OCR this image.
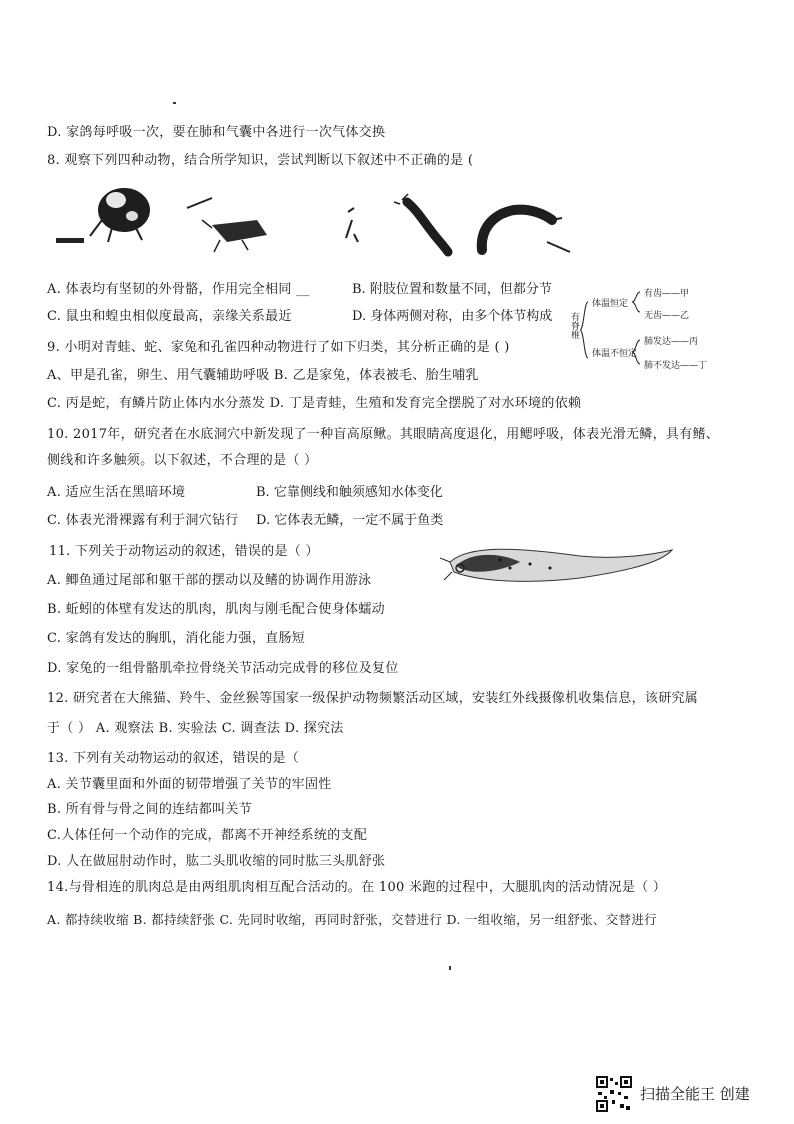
D. 家鸽每呼吸一次，要在肺和气囊中各进行一次气体交换
8. 观察下列四种动物，结合所学知识，尝试判断以下叙述中不正确的是 (
A. 体表均有坚韧的外骨骼，作用完全相同 __	B. 附肢位置和数量不同，但都分节
C. 鼠虫和蝗虫相似度最高，亲缘关系最近	D. 身体两侧对称，由多个体节构成 有脊椎
体温恒定
体温不恒定
有齿——甲
无齿——乙
肺发达——丙
肺不发达——丁
9. 小明对青蛙、蛇、家兔和孔雀四种动物进行了如下归类，其分析正确的是 ( )
A、甲是孔雀，卵生、用气囊辅助呼吸 B. 乙是家兔，体表被毛、胎生哺乳
C. 丙是蛇，有鳞片防止体内水分蒸发 D. 丁是青蛙，生殖和发育完全摆脱了对水环境的依赖
10. 2017年，研究者在水底洞穴中新发现了一种盲高原鳅。其眼睛高度退化，用鳃呼吸，体表光滑无鳞，具有鳍、
侧线和许多触须。以下叙述，不合理的是（ ）
A. 适应生活在黑暗环境	B. 它靠侧线和触须感知水体变化
C. 体表光滑裸露有利于洞穴钻行 D. 它体表无鳞，一定不属于鱼类
11. 下列关于动物运动的叙述，错误的是（ ）
A. 鲫鱼通过尾部和躯干部的摆动以及鳍的协调作用游泳
B. 蚯蚓的体壁有发达的肌肉，肌肉与刚毛配合使身体蠕动
C. 家鸽有发达的胸肌，消化能力强，直肠短
D. 家兔的一组骨骼肌牵拉骨绕关节活动完成骨的移位及复位
12. 研究者在大熊猫、羚牛、金丝猴等国家一级保护动物频繁活动区域，安装红外线摄像机收集信息，该研究属
于（ ） A. 观察法 B. 实验法 C. 调查法 D. 探究法
13. 下列有关动物运动的叙述，错误的是（
A. 关节囊里面和外面的韧带增强了关节的牢固性
B. 所有骨与骨之间的连结都叫关节
C.人体任何一个动作的完成，都离不开神经系统的支配
D. 人在做屈肘动作时，肱二头肌收缩的同时肱三头肌舒张
14.与骨相连的肌肉总是由两组肌肉相互配合活动的。在 100 米跑的过程中，大腿肌肉的活动情况是（ ）
A. 都持续收缩 B. 都持续舒张 C. 先同时收缩，再同时舒张，交替进行 D. 一组收缩，另一组舒张、交替进行
扫描全能王 创建
